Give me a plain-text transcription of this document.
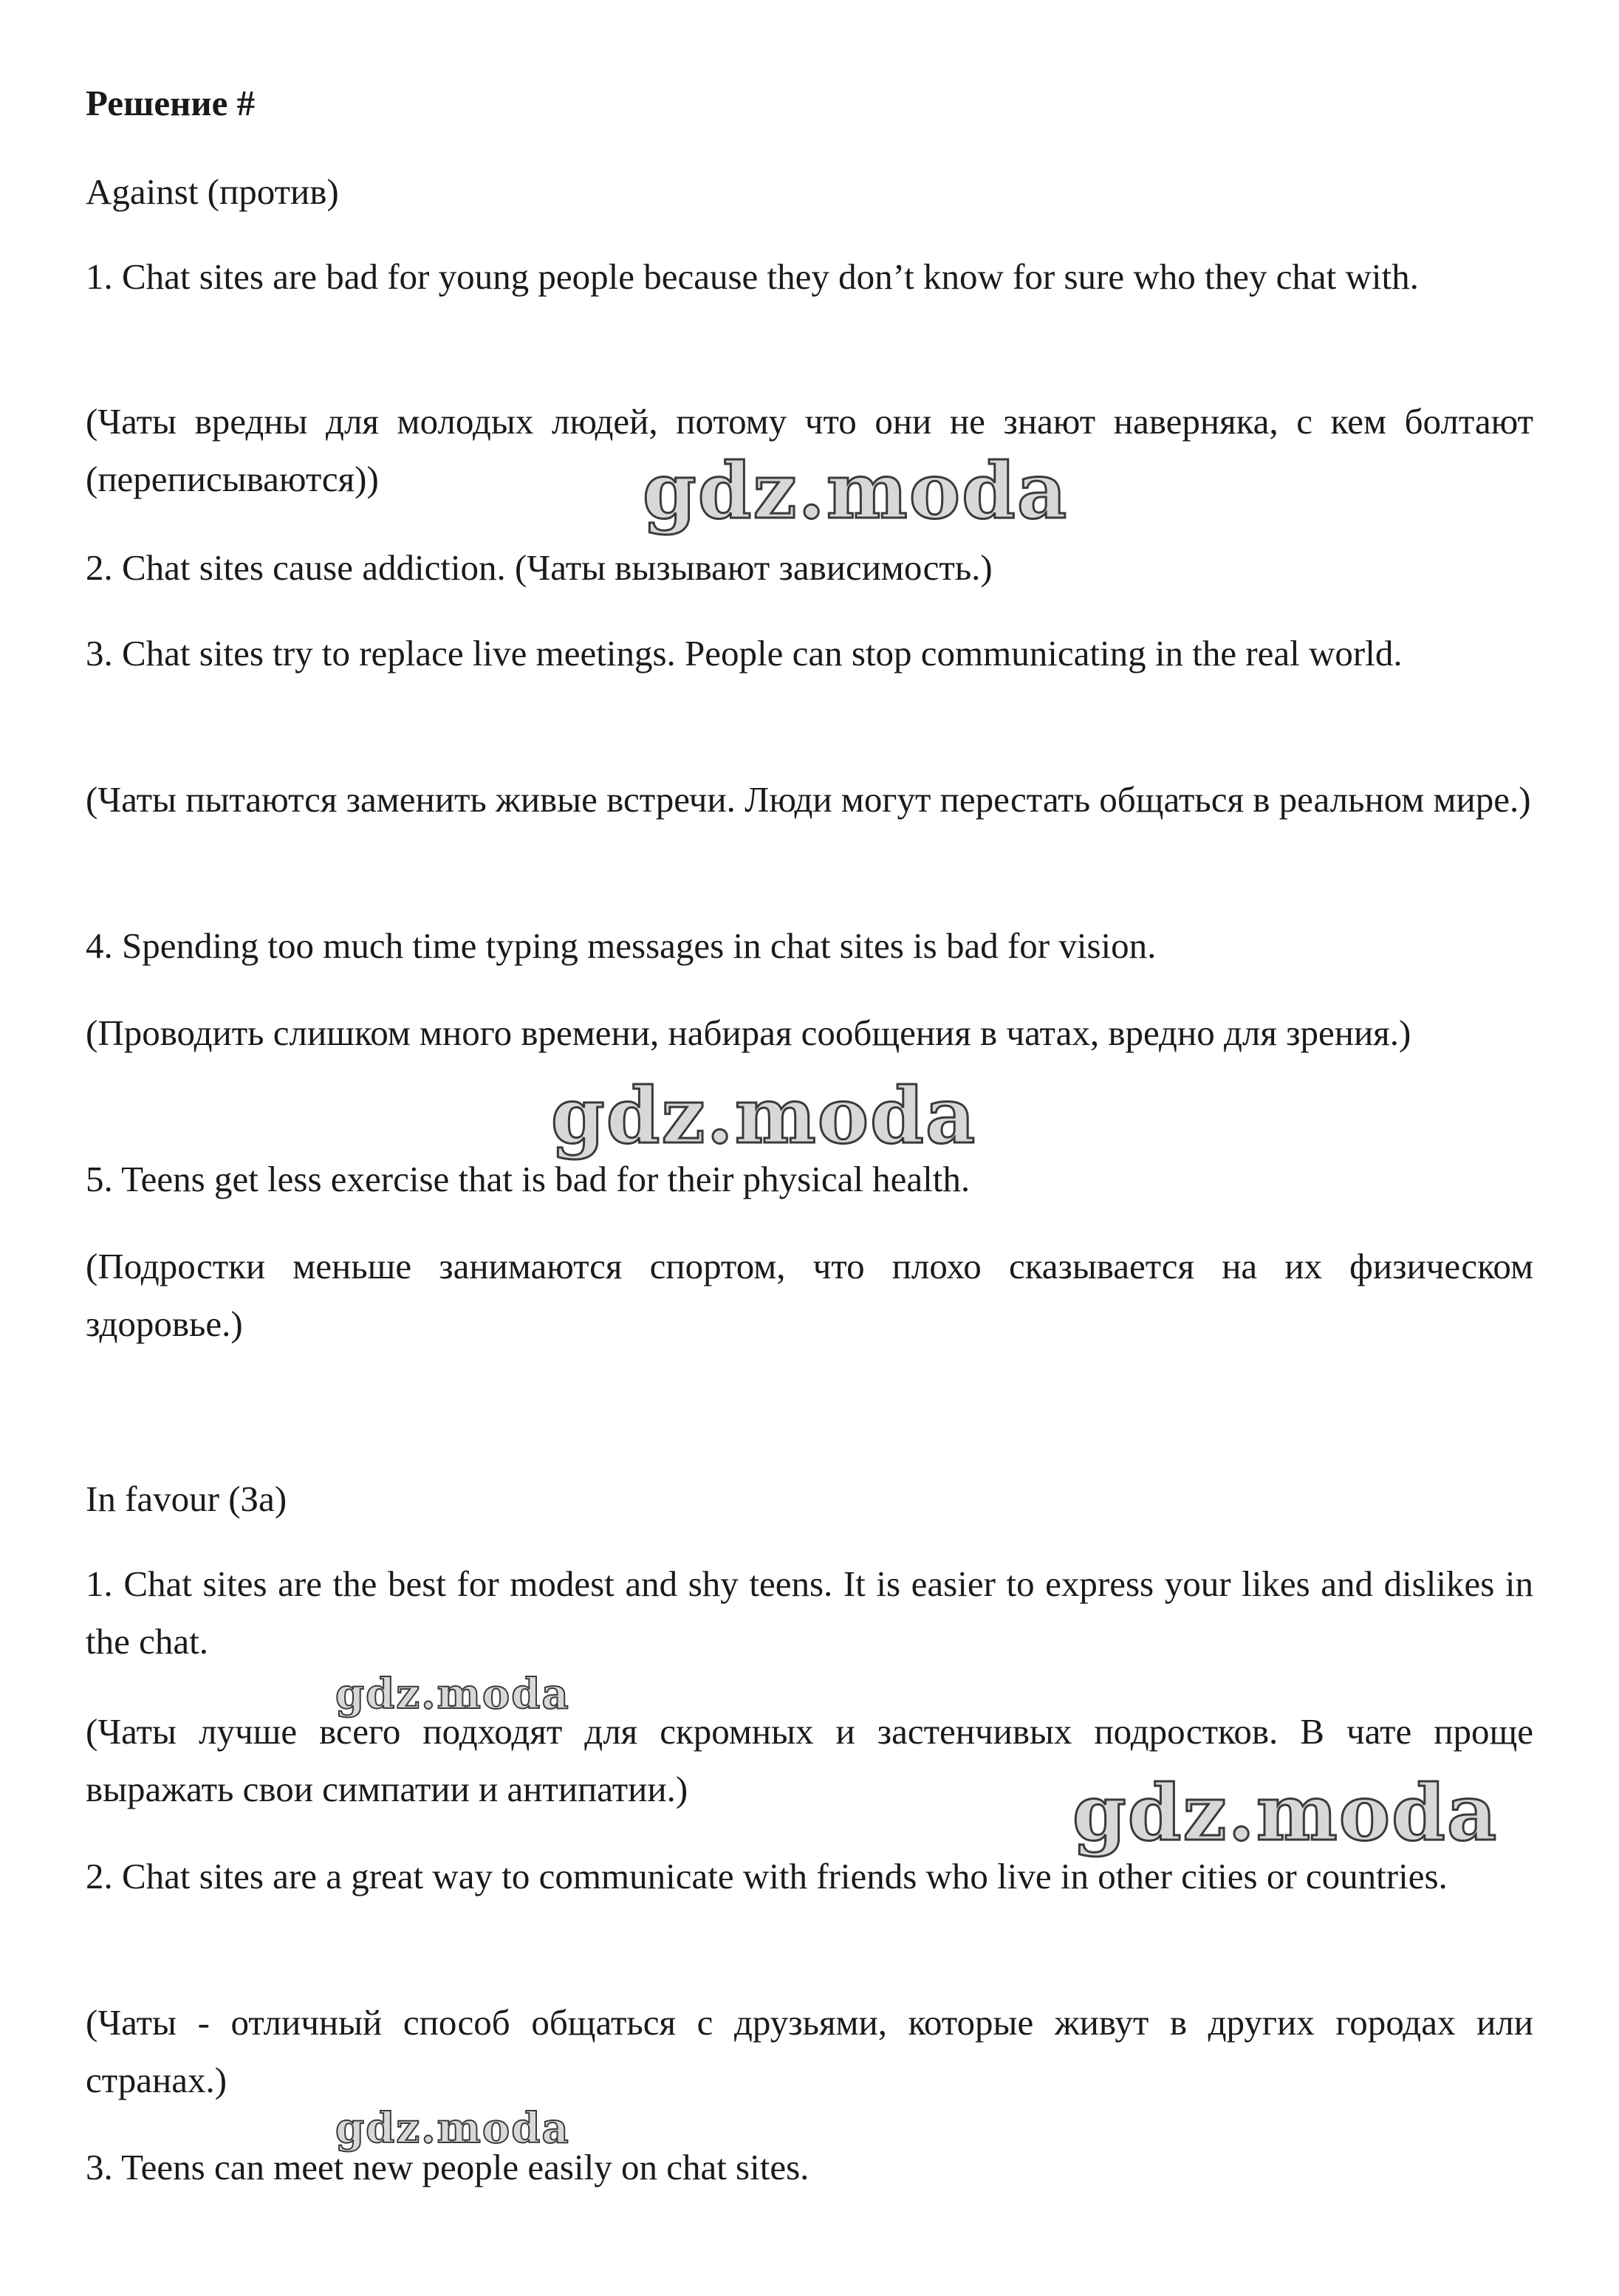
Решение #

Against (против)

1. Chat sites are bad for young people because they don’t know for sure who they chat with.

(Чаты вредны для молодых людей, потому что они не знают наверняка, с кем болтают (переписываются))

2. Chat sites cause addiction. (Чаты вызывают зависимость.)

3. Chat sites try to replace live meetings. People can stop communicating in the real world.

(Чаты пытаются заменить живые встречи. Люди могут перестать общаться в реальном мире.)

4. Spending too much time typing messages in chat sites is bad for vision.

(Проводить слишком много времени, набирая сообщения в чатах, вредно для зрения.)

5. Teens get less exercise that is bad for their physical health.

(Подростки меньше занимаются спортом, что плохо сказывается на их физическом здоровье.)

In favour (За)

1. Chat sites are the best for modest and shy teens. It is easier to express your likes and dislikes in the chat.

(Чаты лучше всего подходят для скромных и застенчивых подростков. В чате проще выражать свои симпатии и антипатии.)

2. Chat sites are a great way to communicate with friends who live in other cities or countries.

(Чаты - отличный способ общаться с друзьями, которые живут в других городах или странах.)

3. Teens can meet new people easily on chat sites.

gdz.moda
gdz.moda
gdz.moda
gdz.moda
gdz.moda
